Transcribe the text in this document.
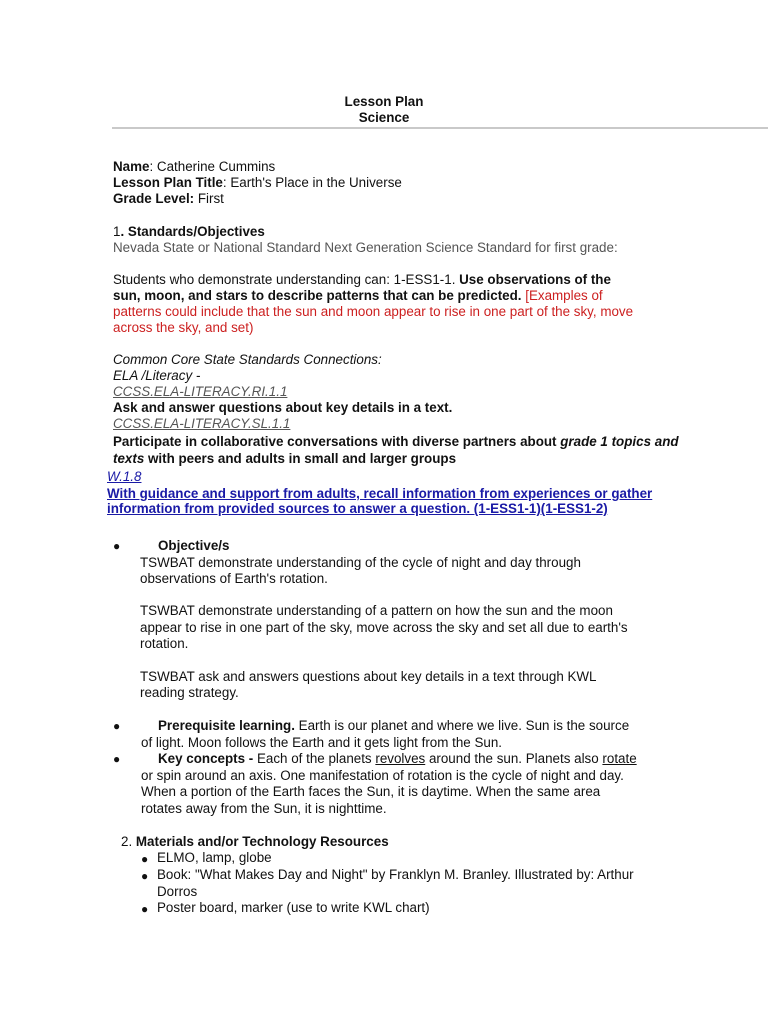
Lesson Plan
Science
Name: Catherine Cummins
Lesson Plan Title: Earth's Place in the Universe
Grade Level: First
1. Standards/Objectives
Nevada State or National Standard Next Generation Science Standard for first grade:
Students who demonstrate understanding can: 1-ESS1-1. Use observations of the
sun, moon, and stars to describe patterns that can be predicted. [Examples of
patterns could include that the sun and moon appear to rise in one part of the sky, move
across the sky, and set)
Common Core State Standards Connections:
ELA /Literacy -
CCSS.ELA-LITERACY.RI.1.1
Ask and answer questions about key details in a text.
CCSS.ELA-LITERACY.SL.1.1
Participate in collaborative conversations with diverse partners about grade 1 topics and
texts with peers and adults in small and larger groups
W.1.8
With guidance and support from adults, recall information from experiences or gather
information from provided sources to answer a question. (1-ESS1-1)(1-ESS1-2)
●	Objective/s
TSWBAT demonstrate understanding of the cycle of night and day through
observations of Earth's rotation.
TSWBAT demonstrate understanding of a pattern on how the sun and the moon
appear to rise in one part of the sky, move across the sky and set all due to earth's
rotation.
TSWBAT ask and answers questions about key details in a text through KWL
reading strategy.
●	Prerequisite learning. Earth is our planet and where we live. Sun is the source
of light. Moon follows the Earth and it gets light from the Sun.
●	Key concepts - Each of the planets revolves around the sun. Planets also rotate
or spin around an axis. One manifestation of rotation is the cycle of night and day.
When a portion of the Earth faces the Sun, it is daytime. When the same area
rotates away from the Sun, it is nighttime.
2. Materials and/or Technology Resources
● ELMO, lamp, globe
● Book: "What Makes Day and Night" by Franklyn M. Branley. Illustrated by: Arthur
Dorros
● Poster board, marker (use to write KWL chart)
